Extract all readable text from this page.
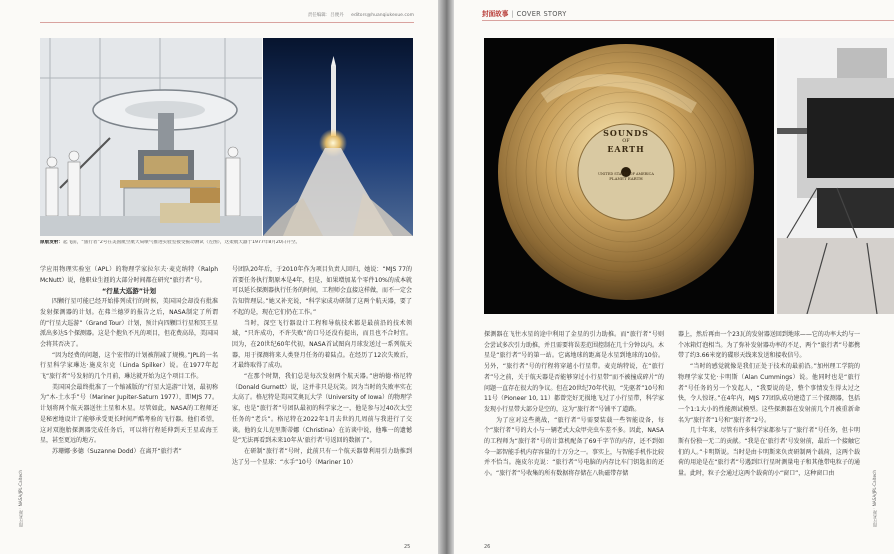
责任编辑：吕便丹 editors@huanqiukexue.com
原版发射：起飞前，“旅行者”2号在美国航空航天局喷气推进实验室接受振动测试（左图），这架航天器于1977年8月20日升空。

学应用物理实验室（APL）的物理学家拉尔夫·麦克纳特（Ralph McNutt）说，他职业生涯的大部分时间都在研究“旅行者”号。

“行星大巡游”计划

四颗行星可能已经开始排列成行的时候，美国国会却没有批准发射探测器的计划。在弗兰德罗的报告之后，NASA制定了所谓的“行星大巡游”（Grand Tour）计划，预计向四颗巨行星和冥王星派出多达5个探测器。这是个抱负不凡的项目，但花费高昂，美国国会将其否决了。

“因为经费的问题，这个宏伟的计划被削减了规模。”JPL的一名行星科学家琳达·施皮尔克（Linda Spilker）说。在1977年起飞“旅行者”号发射的几个月前，琳达就开始为这个项目工作。

美国国会最终批准了一个缩减版的“行星大巡游”计划，最初称为“木-土水手”号（Mariner Jupiter-Saturn 1977），即MJS 77。计划将两个航天器送往土星和木星。尽管如此，NASA的工程师还是秘密地设计了能够承受更长时间严酷考验的飞行器。他们希望，这对双胞胎探测器完成任务后，可以将行程延伸到天王星或海王星，甚至更远的地方。

苏珊娜·多德（Suzanne Dodd）在离开“旅行者”

号团队20年后，于2010年作为项目负责人回归，她说：“MJS 77的首要任务执行期原本是4年，但是，如果增加某个零件10%的成本就可以延长探测器执行任务的时间，工程师会直接这样做，而不一定会告知管理层。”她又补充说，“科学家成功研制了这两个航天器，要了不起的是，现在它们仍在工作。”

当时，深空飞行器设计工程和导航技术都是最前沿的技术领域，“只许成功，不许失败”的口号还没有提出，而且也不合时宜。因为，在20世纪60年代初，NASA首试图向月球发送过一系列航天器，用于探测将来人类登月任务的着陆点。在经历了12次失败后，才最终取得了成功。

“在那个时期，我们总是每次发射两个航天器。”唐纳德·格尼特（Donald Gurnett）说，这并非只是玩笑。因为当时的失败率实在太高了。格尼特是美国艾奥瓦大学（University of Iowa）的物理学家，也是“旅行者”号团队最初的科学家之一，他是参与过40次太空任务的“老兵”。格尼特在2022年1月去世的几周前与我进行了交谈。他的女儿克里斯蒂娜（Christina）在访谈中说，他唯一的遗憾是“无法再看到未来10年从‘旅行者’号返回的数据了”。

在研制“旅行者”号时，此前只有一个航天器曾利用引力助推到达了另一个星球：“水手”10号（Mariner 10）

图片来源：NASA/JPL-Caltech
25
封面故事 | COVER STORY
SOUNDS
OF
EARTH
UNITED STATES OF AMERICA
PLANET EARTH

探测器在飞往水星的途中利用了金星的引力助推。而“旅行者”号则会尝试多次引力助推，并且需要将误差范围控制在几十分钟以内。木星是“旅行者”号的第一站。它离地球的距离是水星到地球的10倍。另外，“旅行者”号的行程将穿越小行星带。麦克纳特说，在“旅行者”号之前，关于航天器是否能够穿过小行星带“而不被撞成碎片”的问题一直存在很大的争议。但在20世纪70年代初，“先驱者”10号和11号（Pioneer 10, 11）都曾完好无损地飞过了小行星带，科学家发现小行星带大部分是空的，这为“旅行者”号铺平了道路。

为了应对这些挑战，“旅行者”号需要装载一些智能设备，每个“旅行者”号的大小与一辆老式大众甲壳虫车差不多。因此，NASA的工程师为“旅行者”号的计算机配备了69千字节的内存，还不到如今一部智能手机内存容量的十万分之一。事实上，与智能手机作比较并不恰当。施皮尔克说：“旅行者”号电脑的内存比车门钥匙扣的还小。“旅行者”号收集的所有数据将存储在八轨磁带存储

器上，然后再由一个23瓦的发射器送回到地球——它的功率大约与一个冰箱灯泡相当。为了弥补发射器功率的不足，两个“旅行者”号都携带了约3.66米宽的碟形天线来发送和接收信号。

“当时的感觉就像是我们正处于技术的最前沿。”加州理工学院的物理学家艾伦·卡明斯（Alan Cummings）说。他同时也是“旅行者”号任务的另一个发起人，“我要说的是，整个事情发生得太过之快，令人惊讶。”在4年内，MJS 77团队成功建造了三个探测器，包括一个1:1大小的性能测试模型。这些探测器在发射前几个月被重新命名为“旅行者”1号和“旅行者”2号。

几十年来，尽管有许多科学家都参与了“旅行者”号任务，但卡明斯有份独一无二的贡献。“我是在‘旅行者’号发射前，最后一个接触它们的人。”卡明斯说。当时是由卡明斯来负责研制两个载荷，这两个载荷的用途是在“旅行者”号遇到巨行星时测量电子和其他带电粒子的通量。此时，粒子会通过这两个载荷的小“窗口”，这种窗口由	图片来源：NASA/JPL-Caltech
26
